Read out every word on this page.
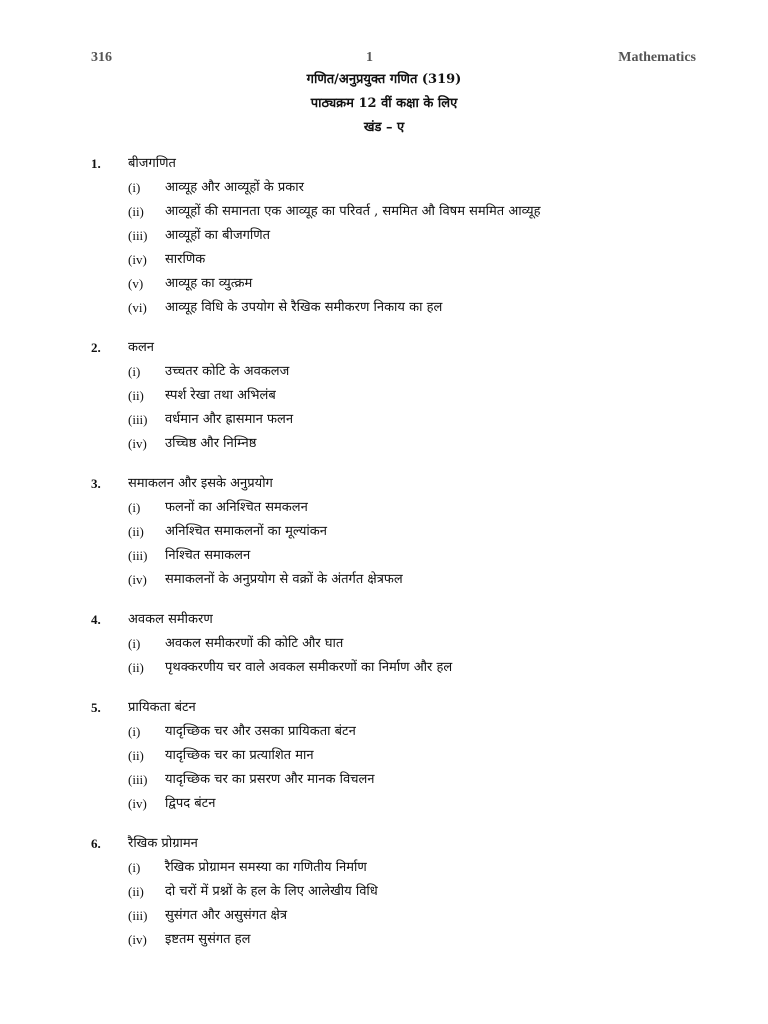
316	1	Mathematics
गणित/अनुप्रयुक्त गणित (319)
पाठ्यक्रम 12 वीं कक्षा के लिए
खंड – ए
1. बीजगणित
(i) आव्यूह और आव्यूहों के प्रकार
(ii) आव्यूहों की समानता एक आव्यूह का परिवर्त , सममित औ विषम सममित आव्यूह
(iii) आव्यूहों का बीजगणित
(iv) सारणिक
(v) आव्यूह का व्युत्क्रम
(vi) आव्यूह विधि के उपयोग से रैखिक समीकरण निकाय का हल
2. कलन
(i) उच्चतर कोटि के अवकलज
(ii) स्पर्श रेखा तथा अभिलंब
(iii) वर्धमान और ह्रासमान फलन
(iv) उच्चिष्ठ और निम्निष्ठ
3. समाकलन और इसके अनुप्रयोग
(i) फलनों का अनिश्चित समकलन
(ii) अनिश्चित समाकलनों का मूल्यांकन
(iii) निश्चित समाकलन
(iv) समाकलनों के अनुप्रयोग से वक्रों के अंतर्गत क्षेत्रफल
4. अवकल समीकरण
(i) अवकल समीकरणों की कोटि और घात
(ii) पृथक्करणीय चर वाले अवकल समीकरणों का निर्माण और हल
5. प्रायिकता बंटन
(i) यादृच्छिक चर और उसका प्रायिकता बंटन
(ii) यादृच्छिक चर का प्रत्याशित मान
(iii) यादृच्छिक चर का प्रसरण और मानक विचलन
(iv) द्विपद बंटन
6. रैखिक प्रोग्रामन
(i) रैखिक प्रोग्रामन समस्या का गणितीय निर्माण
(ii) दो चरों में प्रश्नों के हल के लिए आलेखीय विधि
(iii) सुसंगत और असुसंगत क्षेत्र
(iv) इष्टतम सुसंगत हल
